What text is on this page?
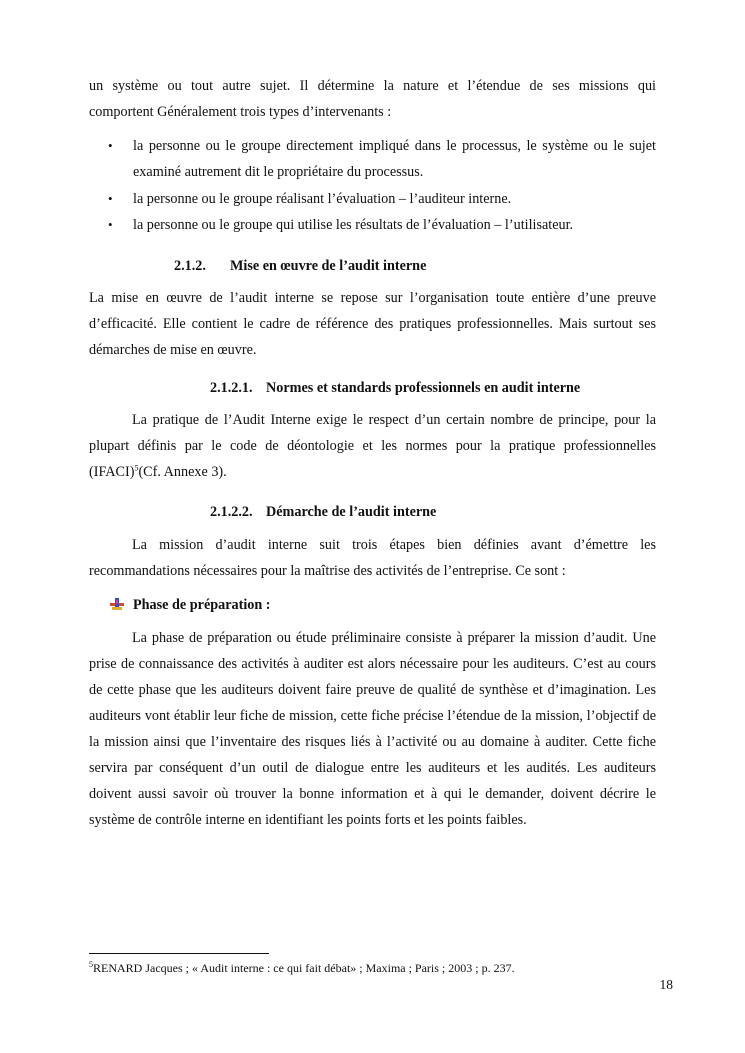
un système ou tout autre sujet. Il détermine la nature et l’étendue de ses missions qui
comportent Généralement trois types d’intervenants :
•	la personne ou le groupe directement impliqué dans le processus, le système ou le sujet examiné autrement dit le propriétaire du processus.
•	la personne ou le groupe réalisant l’évaluation – l’auditeur interne.
•	la personne ou le groupe qui utilise les résultats de l’évaluation – l’utilisateur.
2.1.2. Mise en œuvre de l’audit interne
La mise en œuvre de l’audit interne se repose sur l’organisation toute entière d’une preuve d’efficacité. Elle contient le cadre de référence des pratiques professionnelles. Mais surtout ses démarches de mise en œuvre.
2.1.2.1. Normes et standards professionnels en audit interne
La pratique de l’Audit Interne exige le respect d’un certain nombre de principe, pour la plupart définis par le code de déontologie et les normes pour la pratique professionnelles (IFACI)$^5$(Cf. Annexe 3).
2.1.2.2. Démarche de l’audit interne
La mission d’audit interne suit trois étapes bien définies avant d’émettre les recommandations nécessaires pour la maîtrise des activités de l’entreprise. Ce sont :
Phase de préparation :
La phase de préparation ou étude préliminaire consiste à préparer la mission d’audit. Une prise de connaissance des activités à auditer est alors nécessaire pour les auditeurs. C’est au cours de cette phase que les auditeurs doivent faire preuve de qualité de synthèse et d’imagination. Les auditeurs vont établir leur fiche de mission, cette fiche précise l’étendue de la mission, l’objectif de la mission ainsi que l’inventaire des risques liés à l’activité ou au domaine à auditer. Cette fiche servira par conséquent d’un outil de dialogue entre les auditeurs et les audités. Les auditeurs doivent aussi savoir où trouver la bonne information et à qui le demander, doivent décrire le système de contrôle interne en identifiant les points forts et les points faibles.
$^5$RENARD Jacques ; « Audit interne : ce qui fait débat» ; Maxima ; Paris ; 2003 ; p. 237.
18
